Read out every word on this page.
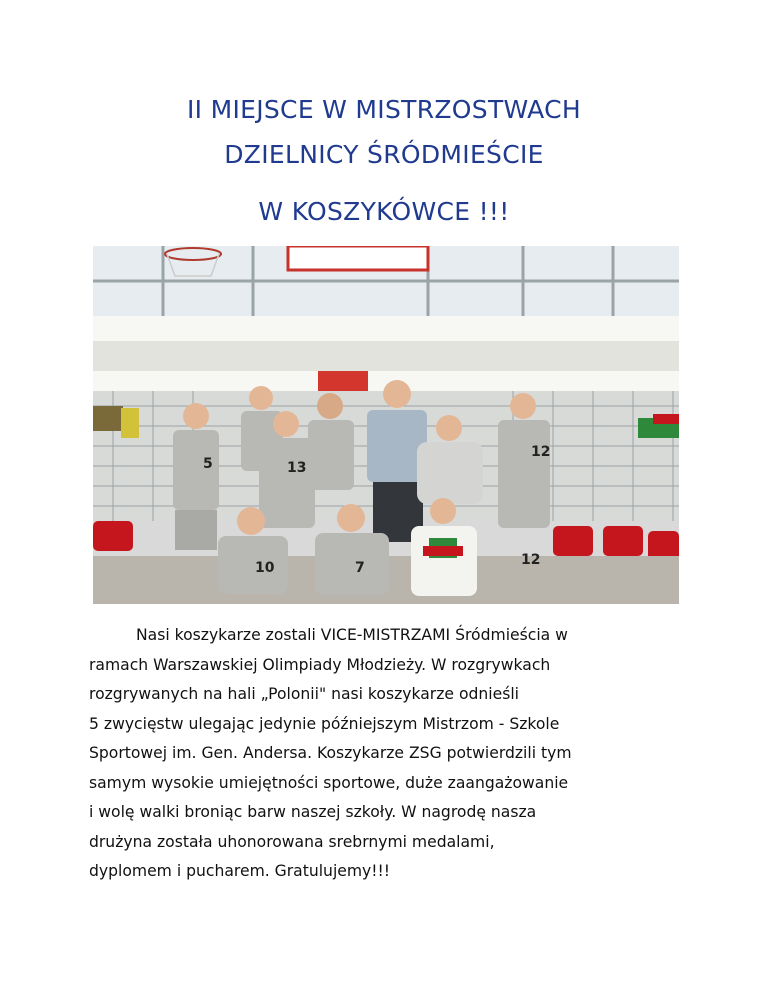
II MIEJSCE W MISTRZOSTWACH
DZIELNICY ŚRÓDMIEŚCIE
W KOSZYKÓWCE !!!
5	13
12
10	7	12
Nasi koszykarze zostali VICE-MISTRZAMI Śródmieścia w
ramach Warszawskiej Olimpiady Młodzieży. W rozgrywkach
rozgrywanych na hali „Polonii" nasi koszykarze odnieśli
5 zwycięstw ulegając jedynie późniejszym Mistrzom - Szkole
Sportowej im. Gen. Andersa. Koszykarze ZSG potwierdzili tym
samym wysokie umiejętności sportowe, duże zaangażowanie
i wolę walki broniąc barw naszej szkoły. W nagrodę nasza
drużyna została uhonorowana srebrnymi medalami,
dyplomem i pucharem. Gratulujemy!!!
